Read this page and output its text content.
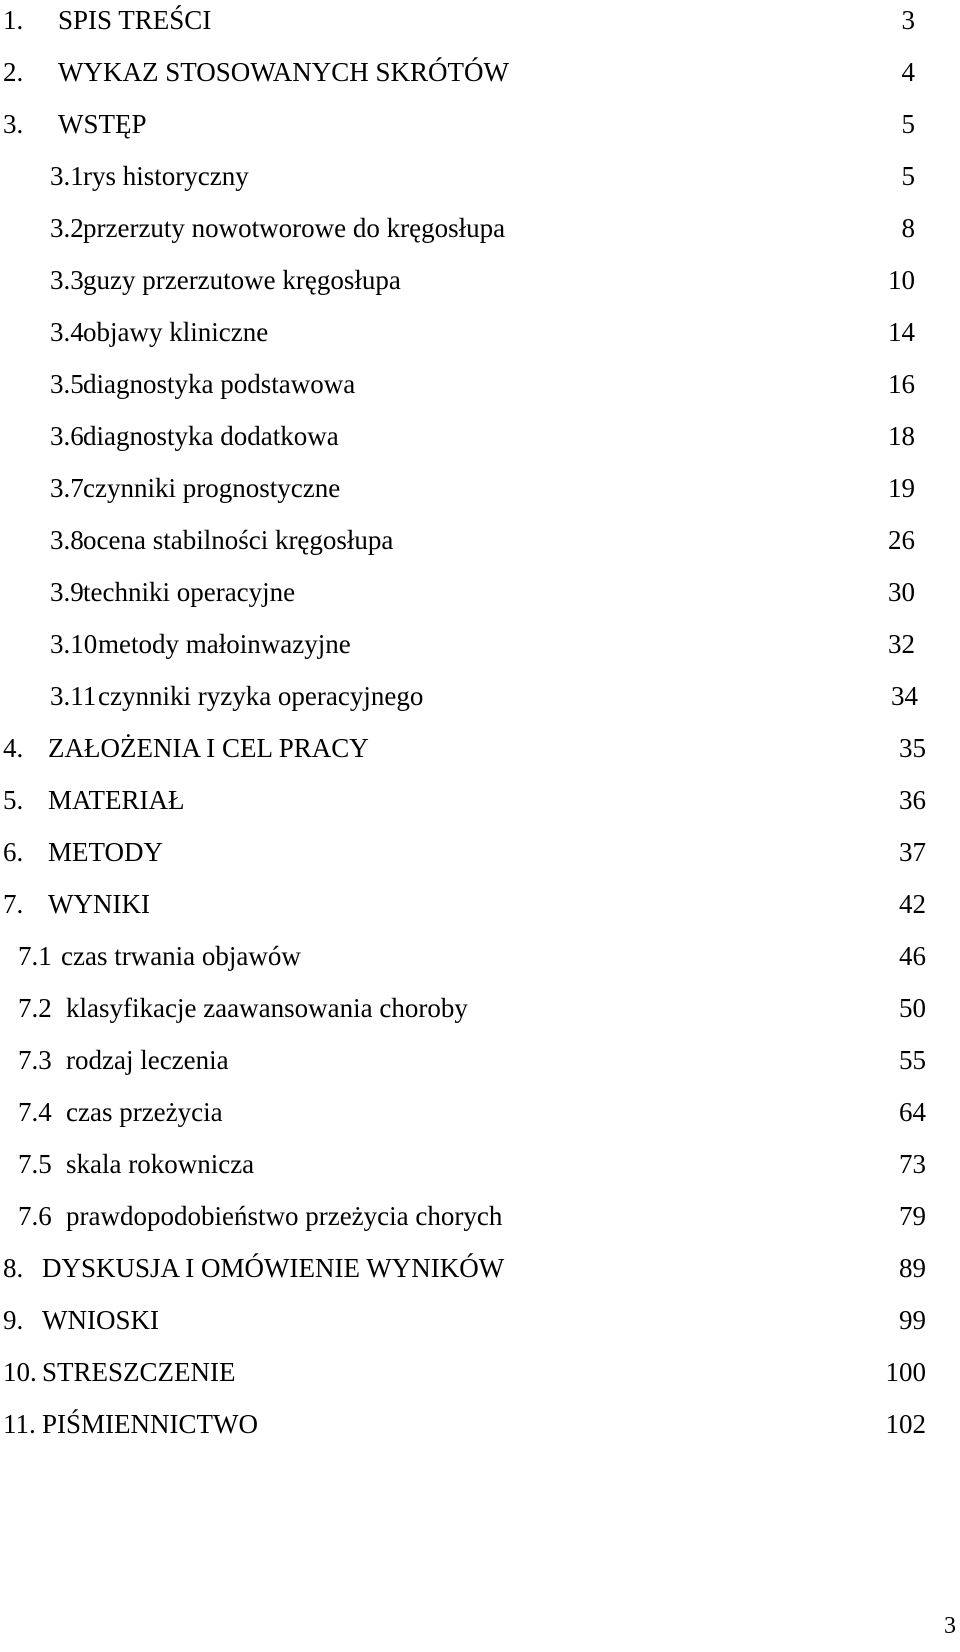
1. SPIS TREŚCI	3
2. WYKAZ STOSOWANYCH SKRÓTÓW	4
3. WSTĘP	5
3.1 rys historyczny	5
3.2 przerzuty nowotworowe do kręgosłupa	8
3.3 guzy przerzutowe kręgosłupa	10
3.4 objawy kliniczne	14
3.5 diagnostyka podstawowa	16
3.6 diagnostyka dodatkowa	18
3.7 czynniki prognostyczne	19
3.8 ocena stabilności kręgosłupa	26
3.9 techniki operacyjne	30
3.10 metody małoinwazyjne	32
3.11 czynniki ryzyka operacyjnego	34
4. ZAŁOŻENIA I CEL PRACY	35
5. MATERIAŁ	36
6. METODY	37
7. WYNIKI	42
7.1 czas trwania objawów	46
7.2 klasyfikacje zaawansowania choroby	50
7.3 rodzaj leczenia	55
7.4 czas przeżycia	64
7.5 skala rokownicza	73
7.6 prawdopodobieństwo przeżycia chorych	79
8. DYSKUSJA I OMÓWIENIE WYNIKÓW	89
9. WNIOSKI	99
10. STRESZCZENIE	100
11. PIŚMIENNICTWO	102
3
